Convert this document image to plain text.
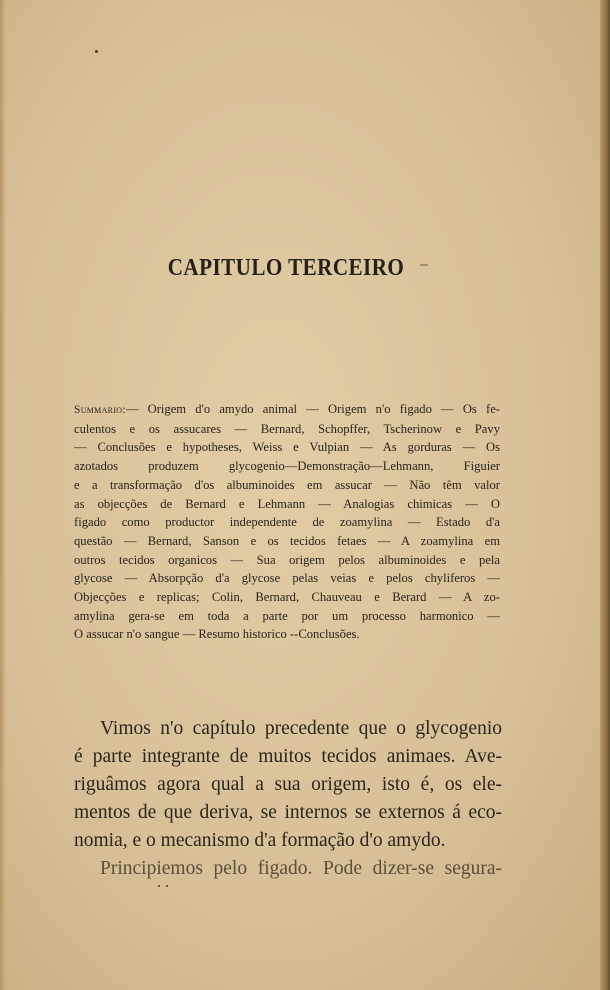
CAPITULO TERCEIRO
Summario:— Origem d'o amydo animal — Origem n'o figado — Os fe-
culentos e os assucares — Bernard, Schopffer, Tscherinow e Pavy
— Conclusões e hypotheses, Weiss e Vulpian — As gorduras — Os
azotados produzem glycogenio—Demonstração—Lehmann, Figuier
e a transformação d'os albuminoides em assucar — Não têm valor
as objecções de Bernard e Lehmann — Analogias chimicas — O
figado como productor independente de zoamylina — Estado d'a
questão — Bernard, Sanson e os tecidos fetaes — A zoamylina em
outros tecidos organicos — Sua origem pelos albuminoides e pela
glycose — Absorpção d'a glycose pelas veias e pelos chyliferos —
Objecções e replicas; Colin, Bernard, Chauveau e Berard — A zo-
amylina gera-se em toda a parte por um processo harmonico —
O assucar n'o sangue — Resumo historico --Conclusões.
Vimos n'o capítulo precedente que o glycogenio
é parte integrante de muitos tecidos animaes. Ave-
riguâmos agora qual a sua origem, isto é, os ele-
mentos de que deriva, se internos se externos á eco-
nomia, e o mecanismo d'a formação d'o amydo.
Principiemos pelo figado. Pode dizer-se segura-
